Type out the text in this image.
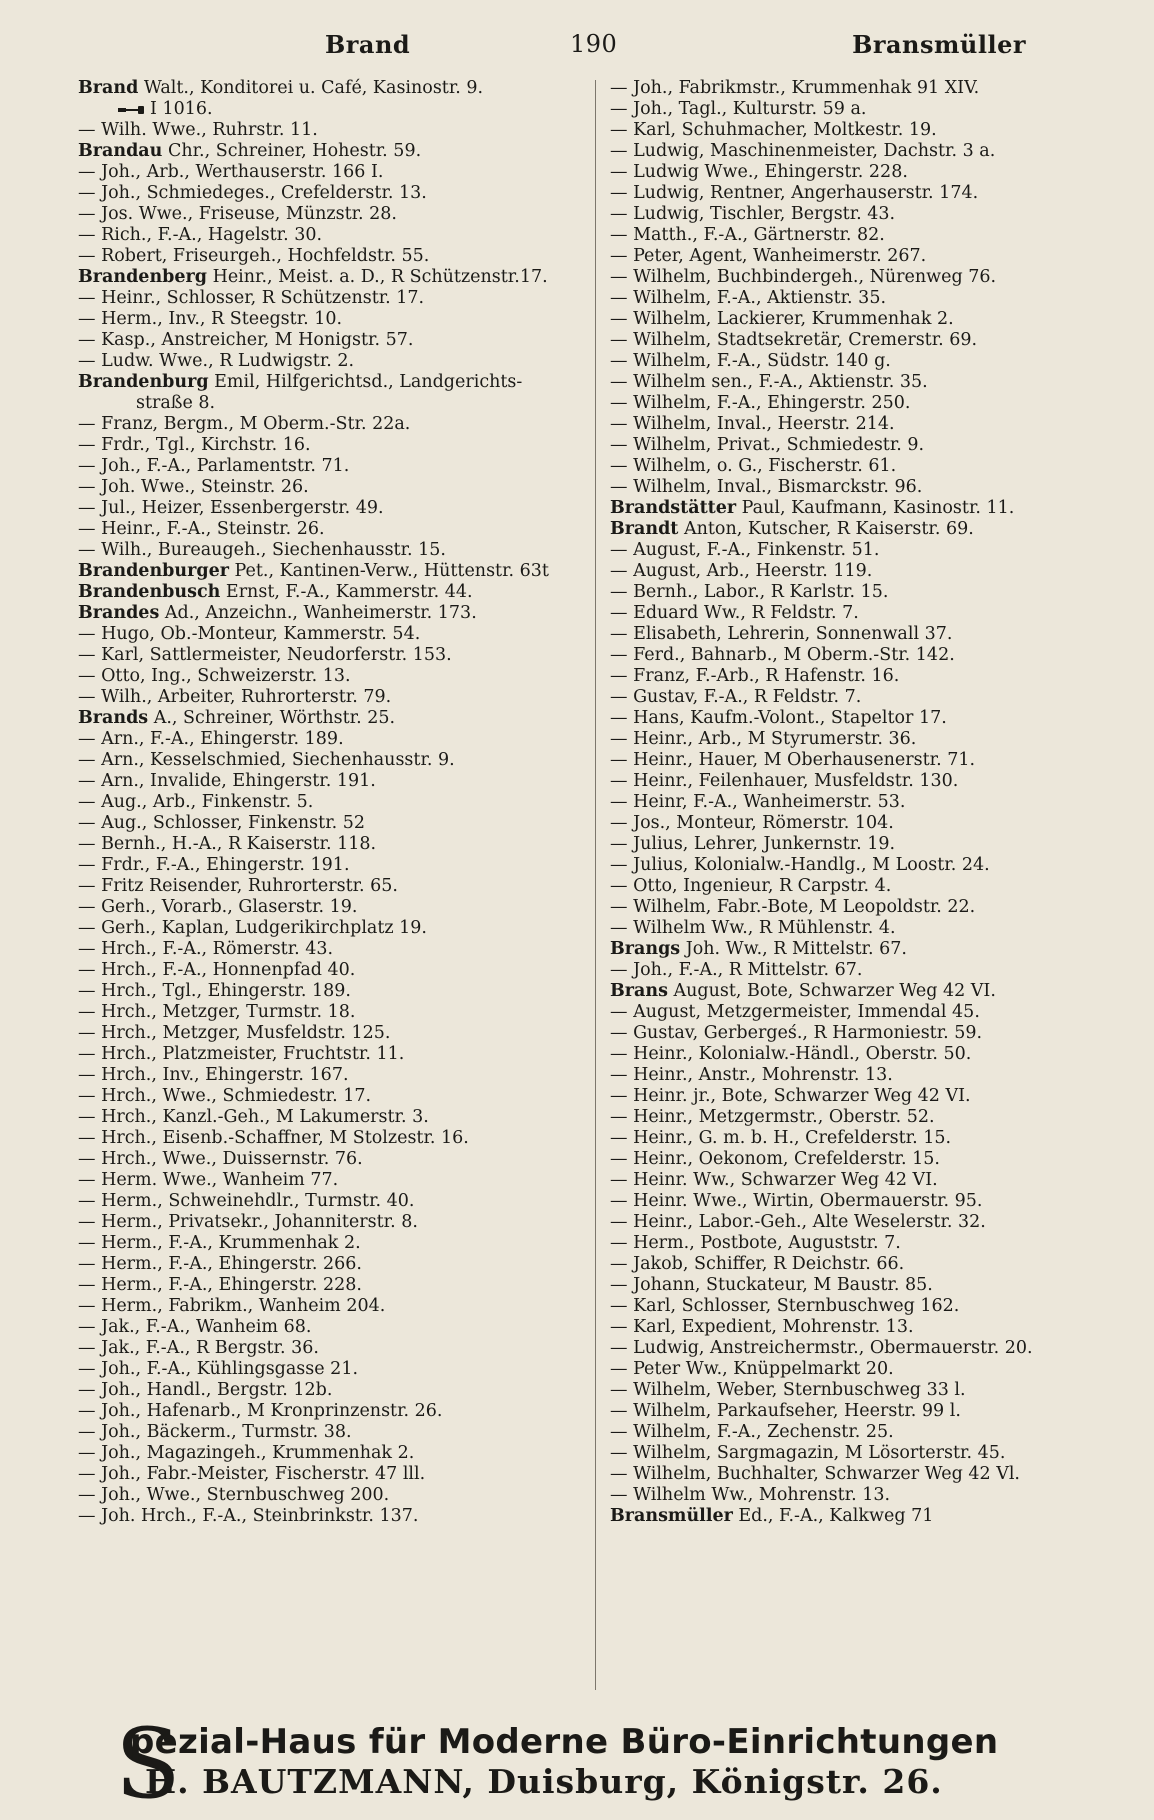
Brand	190	Bransmüller
Brand Walt., Konditorei u. Café, Kasinostr. 9.
I 1016.
— Wilh. Wwe., Ruhrstr. 11.
Brandau Chr., Schreiner, Hohestr. 59.
— Joh., Arb., Werthauserstr. 166 I.
— Joh., Schmiedeges., Crefelderstr. 13.
— Jos. Wwe., Friseuse, Münzstr. 28.
— Rich., F.-A., Hagelstr. 30.
— Robert, Friseurgeh., Hochfeldstr. 55.
Brandenberg Heinr., Meist. a. D., R Schützenstr.17.
— Heinr., Schlosser, R Schützenstr. 17.
— Herm., Inv., R Steegstr. 10.
— Kasp., Anstreicher, M Honigstr. 57.
— Ludw. Wwe., R Ludwigstr. 2.
Brandenburg Emil, Hilfgerichtsd., Landgerichts-
straße 8.
— Franz, Bergm., M Oberm.-Str. 22a.
— Frdr., Tgl., Kirchstr. 16.
— Joh., F.-A., Parlamentstr. 71.
— Joh. Wwe., Steinstr. 26.
— Jul., Heizer, Essenbergerstr. 49.
— Heinr., F.-A., Steinstr. 26.
— Wilh., Bureaugeh., Siechenhausstr. 15.
Brandenburger Pet., Kantinen-Verw., Hüttenstr. 63t
Brandenbusch Ernst, F.-A., Kammerstr. 44.
Brandes Ad., Anzeichn., Wanheimerstr. 173.
— Hugo, Ob.-Monteur, Kammerstr. 54.
— Karl, Sattlermeister, Neudorferstr. 153.
— Otto, Ing., Schweizerstr. 13.
— Wilh., Arbeiter, Ruhrorterstr. 79.
Brands A., Schreiner, Wörthstr. 25.
— Arn., F.-A., Ehingerstr. 189.
— Arn., Kesselschmied, Siechenhausstr. 9.
— Arn., Invalide, Ehingerstr. 191.
— Aug., Arb., Finkenstr. 5.
— Aug., Schlosser, Finkenstr. 52
— Bernh., H.-A., R Kaiserstr. 118.
— Frdr., F.-A., Ehingerstr. 191.
— Fritz Reisender, Ruhrorterstr. 65.
— Gerh., Vorarb., Glaserstr. 19.
— Gerh., Kaplan, Ludgerikirchplatz 19.
— Hrch., F.-A., Römerstr. 43.
— Hrch., F.-A., Honnenpfad 40.
— Hrch., Tgl., Ehingerstr. 189.
— Hrch., Metzger, Turmstr. 18.
— Hrch., Metzger, Musfeldstr. 125.
— Hrch., Platzmeister, Fruchtstr. 11.
— Hrch., Inv., Ehingerstr. 167.
— Hrch., Wwe., Schmiedestr. 17.
— Hrch., Kanzl.-Geh., M Lakumerstr. 3.
— Hrch., Eisenb.-Schaffner, M Stolzestr. 16.
— Hrch., Wwe., Duissernstr. 76.
— Herm. Wwe., Wanheim 77.
— Herm., Schweinehdlr., Turmstr. 40.
— Herm., Privatsekr., Johanniterstr. 8.
— Herm., F.-A., Krummenhak 2.
— Herm., F.-A., Ehingerstr. 266.
— Herm., F.-A., Ehingerstr. 228.
— Herm., Fabrikm., Wanheim 204.
— Jak., F.-A., Wanheim 68.
— Jak., F.-A., R Bergstr. 36.
— Joh., F.-A., Kühlingsgasse 21.
— Joh., Handl., Bergstr. 12b.
— Joh., Hafenarb., M Kronprinzenstr. 26.
— Joh., Bäckerm., Turmstr. 38.
— Joh., Magazingeh., Krummenhak 2.
— Joh., Fabr.-Meister, Fischerstr. 47 lll.
— Joh., Wwe., Sternbuschweg 200.
— Joh. Hrch., F.-A., Steinbrinkstr. 137.
— Joh., Fabrikmstr., Krummenhak 91 XIV.
— Joh., Tagl., Kulturstr. 59 a.
— Karl, Schuhmacher, Moltkestr. 19.
— Ludwig, Maschinenmeister, Dachstr. 3 a.
— Ludwig Wwe., Ehingerstr. 228.
— Ludwig, Rentner, Angerhauserstr. 174.
— Ludwig, Tischler, Bergstr. 43.
— Matth., F.-A., Gärtnerstr. 82.
— Peter, Agent, Wanheimerstr. 267.
— Wilhelm, Buchbindergeh., Nürenweg 76.
— Wilhelm, F.-A., Aktienstr. 35.
— Wilhelm, Lackierer, Krummenhak 2.
— Wilhelm, Stadtsekretär, Cremerstr. 69.
— Wilhelm, F.-A., Südstr. 140 g.
— Wilhelm sen., F.-A., Aktienstr. 35.
— Wilhelm, F.-A., Ehingerstr. 250.
— Wilhelm, Inval., Heerstr. 214.
— Wilhelm, Privat., Schmiedestr. 9.
— Wilhelm, o. G., Fischerstr. 61.
— Wilhelm, Inval., Bismarckstr. 96.
Brandstätter Paul, Kaufmann, Kasinostr. 11.
Brandt Anton, Kutscher, R Kaiserstr. 69.
— August, F.-A., Finkenstr. 51.
— August, Arb., Heerstr. 119.
— Bernh., Labor., R Karlstr. 15.
— Eduard Ww., R Feldstr. 7.
— Elisabeth, Lehrerin, Sonnenwall 37.
— Ferd., Bahnarb., M Oberm.-Str. 142.
— Franz, F.-Arb., R Hafenstr. 16.
— Gustav, F.-A., R Feldstr. 7.
— Hans, Kaufm.-Volont., Stapeltor 17.
— Heinr., Arb., M Styrumerstr. 36.
— Heinr., Hauer, M Oberhausenerstr. 71.
— Heinr., Feilenhauer, Musfeldstr. 130.
— Heinr, F.-A., Wanheimerstr. 53.
— Jos., Monteur, Römerstr. 104.
— Julius, Lehrer, Junkernstr. 19.
— Julius, Kolonialw.-Handlg., M Loostr. 24.
— Otto, Ingenieur, R Carpstr. 4.
— Wilhelm, Fabr.-Bote, M Leopoldstr. 22.
— Wilhelm Ww., R Mühlenstr. 4.
Brangs Joh. Ww., R Mittelstr. 67.
— Joh., F.-A., R Mittelstr. 67.
Brans August, Bote, Schwarzer Weg 42 VI.
— August, Metzgermeister, Immendal 45.
— Gustav, Gerbergeś., R Harmoniestr. 59.
— Heinr., Kolonialw.-Händl., Oberstr. 50.
— Heinr., Anstr., Mohrenstr. 13.
— Heinr. jr., Bote, Schwarzer Weg 42 VI.
— Heinr., Metzgermstr., Oberstr. 52.
— Heinr., G. m. b. H., Crefelderstr. 15.
— Heinr., Oekonom, Crefelderstr. 15.
— Heinr. Ww., Schwarzer Weg 42 VI.
— Heinr. Wwe., Wirtin, Obermauerstr. 95.
— Heinr., Labor.-Geh., Alte Weselerstr. 32.
— Herm., Postbote, Auguststr. 7.
— Jakob, Schiffer, R Deichstr. 66.
— Johann, Stuckateur, M Baustr. 85.
— Karl, Schlosser, Sternbuschweg 162.
— Karl, Expedient, Mohrenstr. 13.
— Ludwig, Anstreichermstr., Obermauerstr. 20.
— Peter Ww., Knüppelmarkt 20.
— Wilhelm, Weber, Sternbuschweg 33 l.
— Wilhelm, Parkaufseher, Heerstr. 99 l.
— Wilhelm, F.-A., Zechenstr. 25.
— Wilhelm, Sargmagazin, M Lösorterstr. 45.
— Wilhelm, Buchhalter, Schwarzer Weg 42 Vl.
— Wilhelm Ww., Mohrenstr. 13.
Bransmüller Ed., F.-A., Kalkweg 71
S
pezial-Haus für Moderne Büro-Einrichtungen
H. BAUTZMANN, Duisburg, Königstr. 26.
